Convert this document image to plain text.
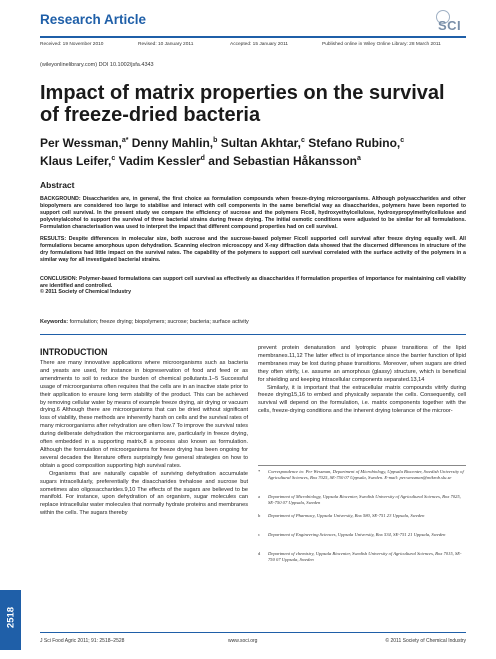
Research Article	SCI
Received: 19 November 2010	Revised: 10 January 2011	Accepted: 15 January 2011	Published online in Wiley Online Library: 28 March 2011
(wileyonlinelibrary.com) DOI 10.1002/jsfa.4343
Impact of matrix properties on the survival of freeze-dried bacteria
Per Wessman,$^{a*}$ Denny Mahlin,$^b$ Sultan Akhtar,$^c$ Stefano Rubino,$^c$
Klaus Leifer,$^c$ Vadim Kessler$^d$ and Sebastian Håkansson$^a$
Abstract

BACKGROUND: Disaccharides are, in general, the first choice as formulation compounds when freeze-drying microorganisms. Although polysaccharides and other biopolymers are considered too large to stabilise and interact with cell components in the same beneficial way as disaccharides, polymers have been reported to support cell survival. In the present study we compare the efficiency of sucrose and the polymers Ficoll, hydroxyethylcellulose, hydroxypropylmethylcellulose and polyvinylalcohol to support the survival of three bacterial strains during freeze drying. The initial osmotic conditions were adjusted to be similar for all formulations. Formulation characterisation was used to interpret the impact that different compound properties had on cell survival.

RESULTS: Despite differences in molecular size, both sucrose and the sucrose-based polymer Ficoll supported cell survival after freeze drying equally well. All formulations became amorphous upon dehydration. Scanning electron microscopy and X-ray diffraction data showed that the discerned differences in structure of the dry formulations had little impact on the survival rates. The capability of the polymers to support cell survival correlated with the surface activity of the polymers in a similar way for all investigated bacterial strains.

CONCLUSION: Polymer-based formulations can support cell survival as effectively as disaccharides if formulation properties of importance for maintaining cell viability are identified and controlled.

© 2011 Society of Chemical Industry
Keywords: formulation; freeze drying; biopolymers; sucrose; bacteria; surface activity
INTRODUCTION

There are many innovative applications where microorganisms such as bacteria and yeasts are used, for instance in biopreservation of food and feed or as amendments to soil to reduce the burden of chemical pollutants.1–5 Successful usage of microorganisms often requires that the cells are in an inactive state prior to their application to ensure long term stability of the product. This can be achieved by removing cellular water by means of example freeze drying, air drying or vacuum drying.6 Although there are microorganisms that can be dried without significant loss of viability, these methods are inherently harsh on cells and the survival rates of many microorganisms after rehydration are often low.7 To improve the survival rates during deliberate dehydration the microorganisms are, particularly in freeze drying, often embedded in a supporting matrix,8 a process also known as formulation. Although the formulation of microorganisms for freeze drying has been ongoing for several decades the literature offers surprisingly few general strategies on how to obtain a good composition supporting high survival rates.

Organisms that are naturally capable of surviving dehydration accumulate sugars intracellularly, preferentially the disaccharides trehalose and sucrose but sometimes also oligosaccharides.9,10 The effects of the sugars are believed to be manifold. For instance, upon dehydration of an organism, sugar molecules can replace intracellular water molecules that normally hydrate proteins and membranes within the cells. The sugars thereby

prevent protein denaturation and lyotropic phase transitions of the lipid membranes.11,12 The latter effect is of importance since the barrier function of lipid membranes may be lost during phase transitions. Moreover, when sugars are dried they often vitrify, i.e. assume an amorphous (glassy) structure, which is beneficial for shielding and keeping intracellular components separated.13,14

Similarly, it is important that the extracellular matrix compounds vitrify during freeze drying15,16 to embed and physically separate the cells. Consequently, cell survival will depend on the formulation, i.e. matrix components together with the cells, freeze-drying conditions and the inherent drying tolerance of the microor-

* Correspondence to: Per Wessman, Department of Microbiology, Uppsala Biocenter, Swedish University of Agricultural Sciences, Box 7025, SE-750 07 Uppsala, Sweden. E-mail: per.wessman@mikrob.slu.se
a Department of Microbiology, Uppsala Biocenter, Swedish University of Agricultural Sciences, Box 7025, SE-750 07 Uppsala, Sweden
b Department of Pharmacy, Uppsala University, Box 580, SE-751 23 Uppsala, Sweden
c Department of Engineering Sciences, Uppsala University, Box 534, SE-751 21 Uppsala, Sweden
d Department of chemistry, Uppsala Biocenter, Swedish University of Agricultural Sciences, Box 7015, SE-750 07 Uppsala, Sweden
2518
J Sci Food Agric 2011; 91: 2518–2528	www.soci.org	© 2011 Society of Chemical Industry
